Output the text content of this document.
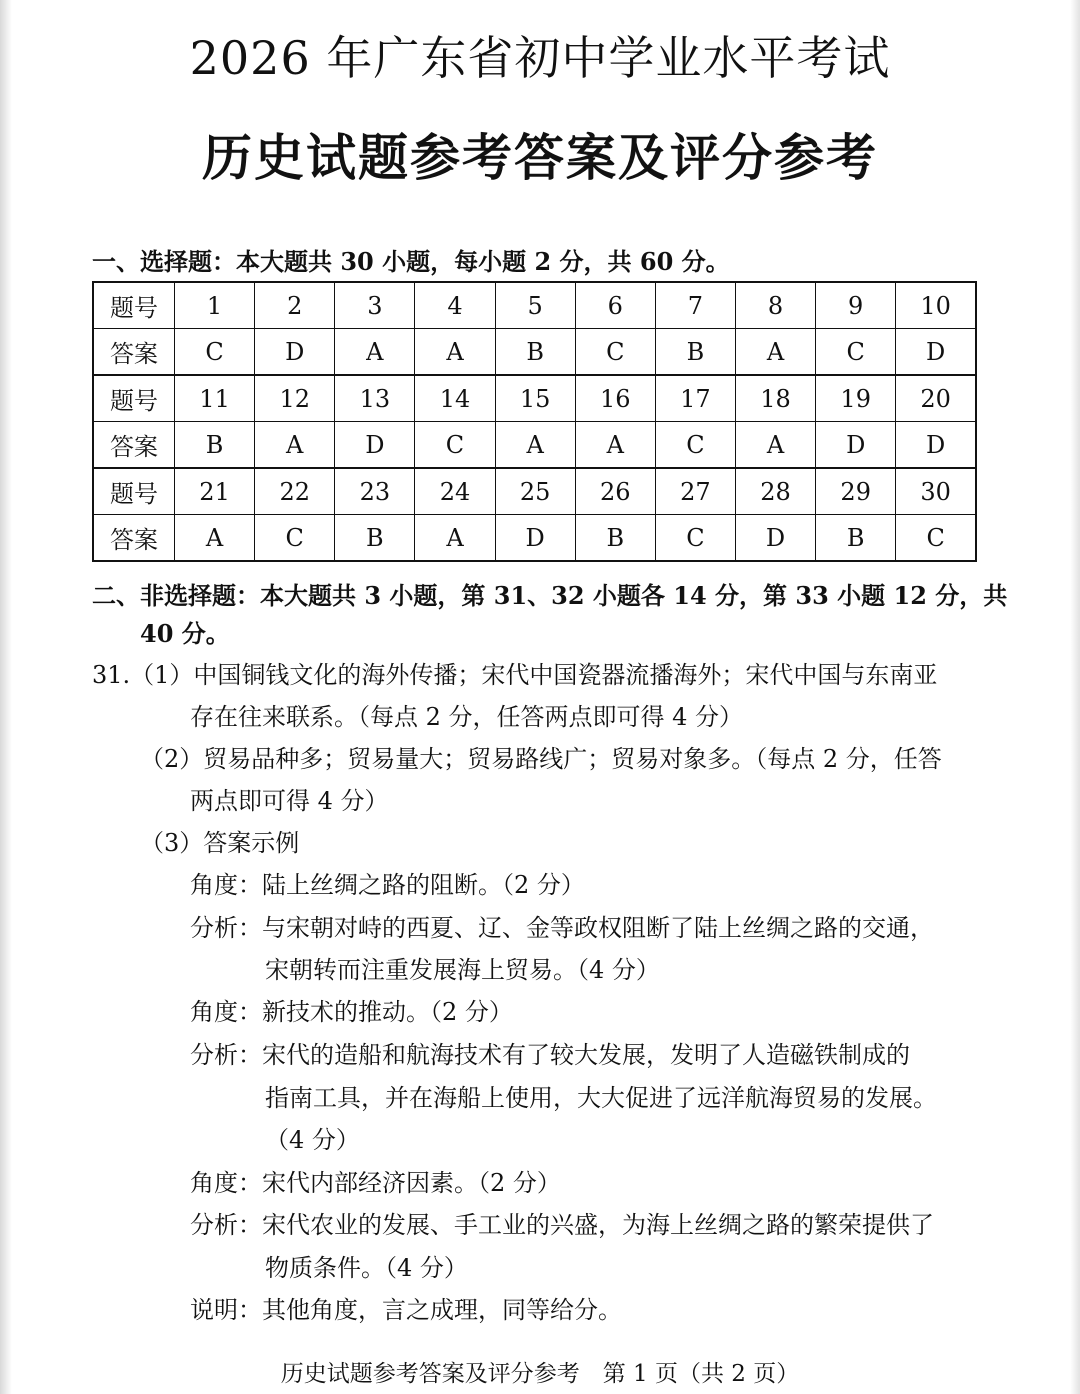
2026 年广东省初中学业水平考试
历史试题参考答案及评分参考
一、选择题：本大题共 30 小题，每小题 2 分，共 60 分。
题号	1	2	3	4	5	6	7	8	9	10
答案	C	D	A	A	B	C	B	A	C	D
题号	11	12	13	14	15	16	17	18	19	20
答案	B	A	D	C	A	A	C	A	D	D
题号	21	22	23	24	25	26	27	28	29	30
答案	A	C	B	A	D	B	C	D	B	C
二、非选择题：本大题共 3 小题，第 31、32 小题各 14 分，第 33 小题 12 分，共
40 分。
31.（1）中国铜钱文化的海外传播；宋代中国瓷器流播海外；宋代中国与东南亚
存在往来联系。（每点 2 分，任答两点即可得 4 分）
（2）贸易品种多；贸易量大；贸易路线广；贸易对象多。（每点 2 分，任答
两点即可得 4 分）
（3）答案示例
角度：陆上丝绸之路的阻断。（2 分）
分析：与宋朝对峙的西夏、辽、金等政权阻断了陆上丝绸之路的交通，
宋朝转而注重发展海上贸易。（4 分）
角度：新技术的推动。（2 分）
分析：宋代的造船和航海技术有了较大发展，发明了人造磁铁制成的
指南工具，并在海船上使用，大大促进了远洋航海贸易的发展。
（4 分）
角度：宋代内部经济因素。（2 分）
分析：宋代农业的发展、手工业的兴盛，为海上丝绸之路的繁荣提供了
物质条件。（4 分）
说明：其他角度，言之成理，同等给分。
历史试题参考答案及评分参考　第 1 页（共 2 页）
